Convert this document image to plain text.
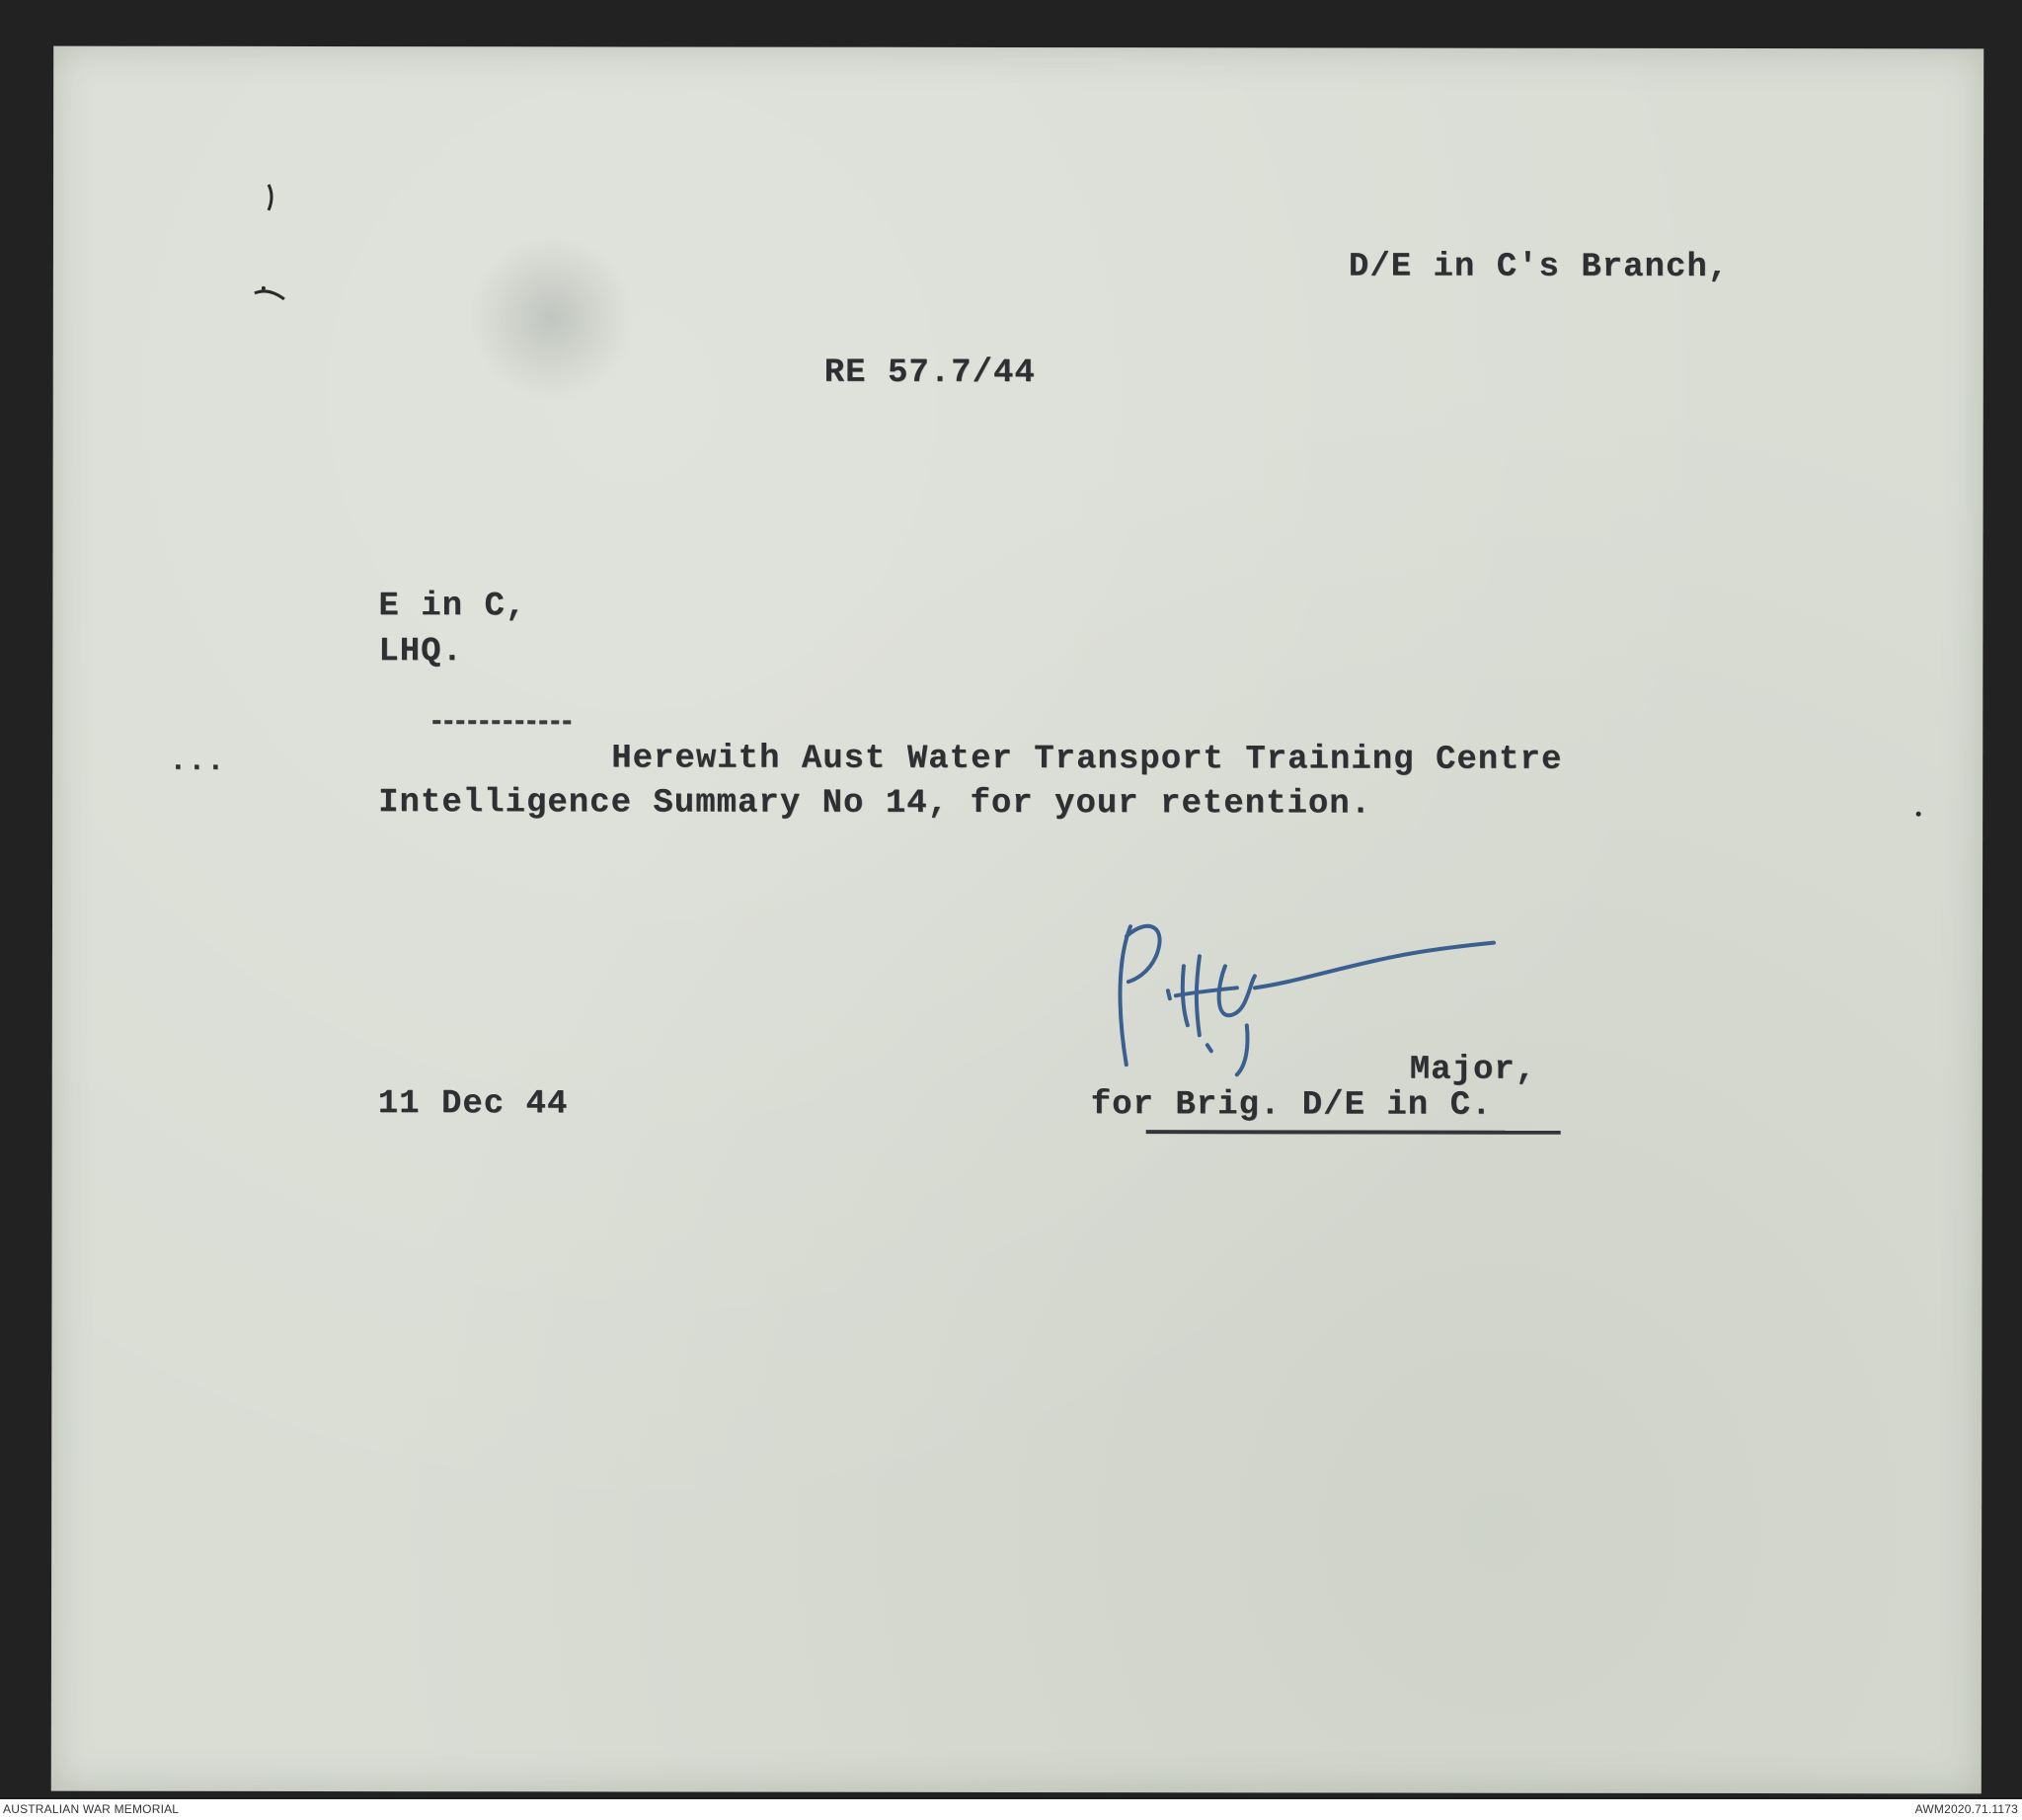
D/E in C's Branch,
RE 57.7/44
E in C,
LHQ.
...	Herewith Aust Water Transport Training Centre
Intelligence Summary No 14, for your retention.
Major,
for Brig. D/E in C.
11 Dec 44
AUSTRALIAN WAR MEMORIAL	AWM2020.71.1173
